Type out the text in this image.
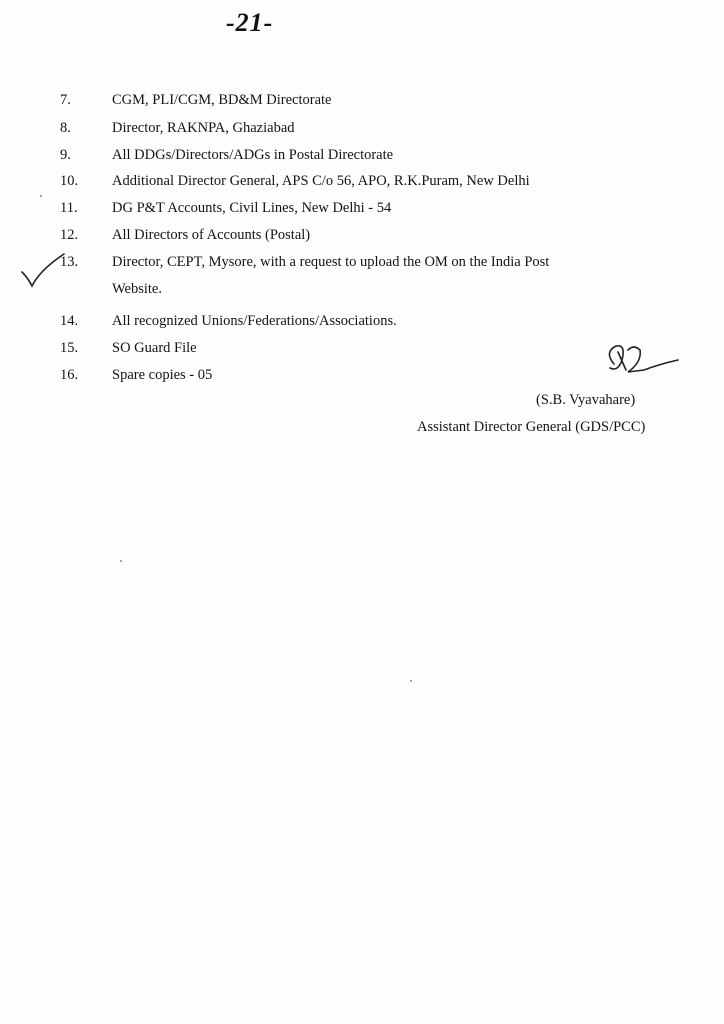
-21-
7.	CGM, PLI/CGM, BD&M Directorate
8.	Director, RAKNPA, Ghaziabad
9.	All DDGs/Directors/ADGs in Postal Directorate
10. Additional Director General, APS C/o 56, APO, R.K.Puram, New Delhi
11. DG P&T Accounts, Civil Lines, New Delhi - 54
12. All Directors of Accounts (Postal)
13. Director, CEPT, Mysore, with a request to upload the OM on the India Post
Website.
14. All recognized Unions/Federations/Associations.
15. SO Guard File
16. Spare copies - 05
(S.B. Vyavahare)
Assistant Director General (GDS/PCC)
